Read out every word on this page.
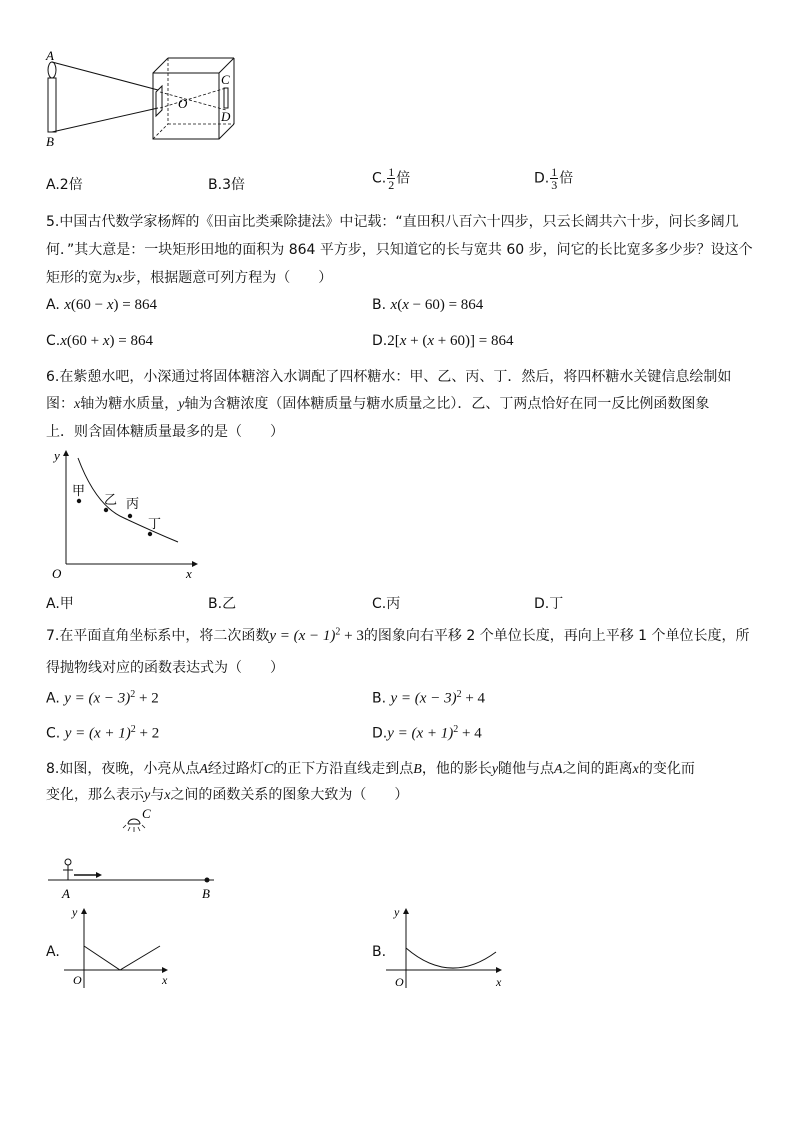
A
B
C
D
O
A.2倍	B.3倍	C. $\frac{1}{2}$ 倍	D. $\frac{1}{3}$ 倍
5.中国古代数学家杨辉的《田亩比类乘除捷法》中记载：“直田积八百六十四步，只云长阔共六十步，问长多阔几
何．”其大意是：一块矩形田地的面积为 864 平方步，只知道它的长与宽共 60 步，问它的长比宽多多少步？设这个
矩形的宽为x步，根据题意可列方程为（　　）
A. x(60 − x) = 864	B. x(x − 60) = 864
C.x(60 + x) = 864	D.2[x + (x + 60)] = 864
6.在紫憩水吧，小深通过将固体糖溶入水调配了四杯糖水：甲、乙、丙、丁．然后，将四杯糖水关键信息绘制如
图：x轴为糖水质量，y轴为含糖浓度（固体糖质量与糖水质量之比）．乙、丁两点恰好在同一反比例函数图象
上．则含固体糖质量最多的是（　　）
y
x
O
甲
乙 丙
丁
A.甲	B.乙	C.丙	D.丁
7.在平面直角坐标系中，将二次函数$y = (x - 1)^2 + 3$的图象向右平移 2 个单位长度，再向上平移 1 个单位长度，所
得抛物线对应的函数表达式为（　　）
A. $y = (x - 3)^2 + 2$	B. $y = (x - 3)^2 + 4$
C. $y = (x + 1)^2 + 2$	$D.y = (x + 1)^2 + 4$
8.如图，夜晚，小亮从点A经过路灯C的正下方沿直线走到点B，他的影长y随他与点A之间的距离x的变化而
变化，那么表示y与x之间的函数关系的图象大致为（　　）
C
A	B
A.
y
x
O
B.
y
x
O
